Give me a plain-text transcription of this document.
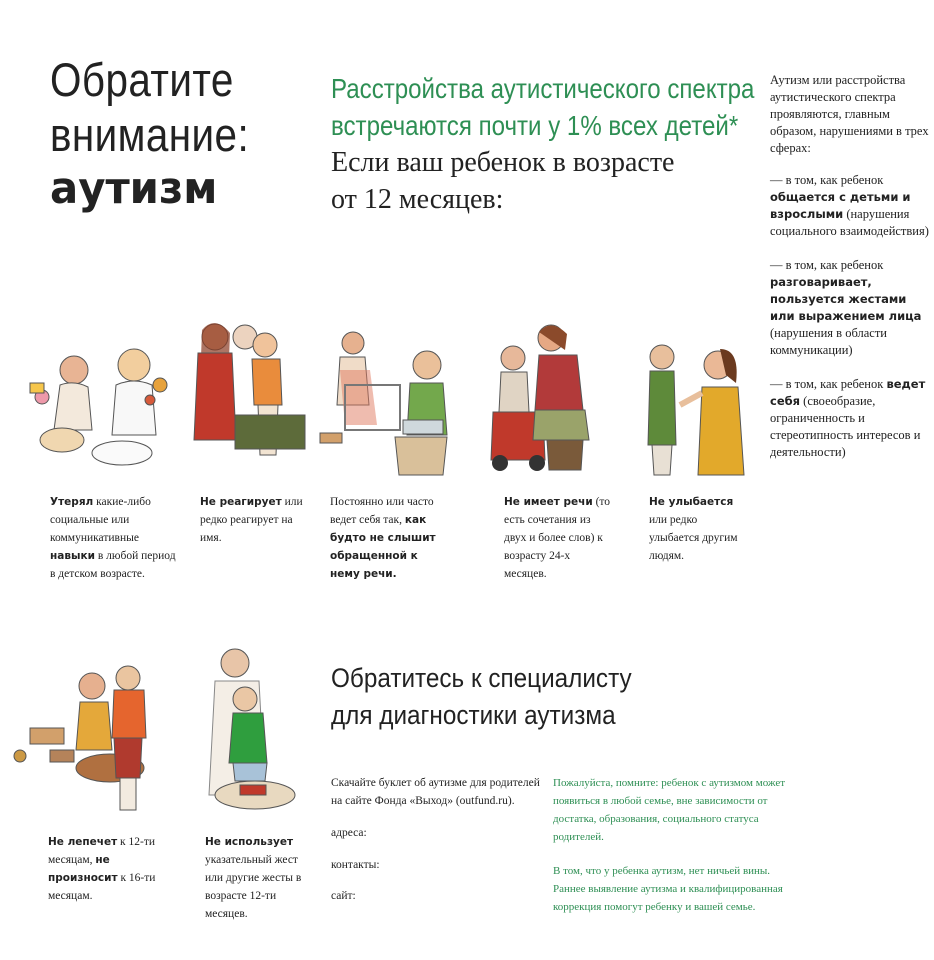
Обратите
внимание:
аутизм
Расстройства аутистического спектра
встречаются почти у 1% всех детей*
Если ваш ребенок в возрасте
от 12 месяцев:

Аутизм или расстройства аутистического спектра проявляются, главным образом, нарушениями в трех сферах:

— в том, как ребенок общается с детьми и взрослыми (нарушения социального взаимодействия)

— в том, как ребенок разговаривает, пользуется жестами или выражением лица (нарушения в области коммуникации)

— в том, как ребенок ведет себя (своеобразие, ограниченность и стереотипность интересов и деятельности)

Утерял какие-либо социальные или коммуникативные навыки в любой период в детском возрасте.
Не реагирует или редко реагирует на имя.
Постоянно или часто ведет себя так, как будто не слышит обращенной к нему речи.
Не имеет речи (то есть сочетания из двух и более слов) к возрасту 24-х месяцев.
Не улыбается или редко улыбается другим людям.
Не лепечет к 12-ти месяцам, не произносит к 16-ти месяцам.
Не использует указательный жест или другие жесты в возрасте 12-ти месяцев.
Обратитесь к специалисту
для диагностики аутизма
Скачайте буклет об аутизме для родителей на сайте Фонда «Выход» (outfund.ru).
адреса:
контакты:
сайт:

Пожалуйста, помните: ребенок с аутизмом может появиться в любой семье, вне зависимости от достатка, образования, социального статуса родителей.

В том, что у ребенка аутизм, нет ничьей вины. Раннее выявление аутизма и квалифицированная коррекция помогут ребенку и вашей семье.
